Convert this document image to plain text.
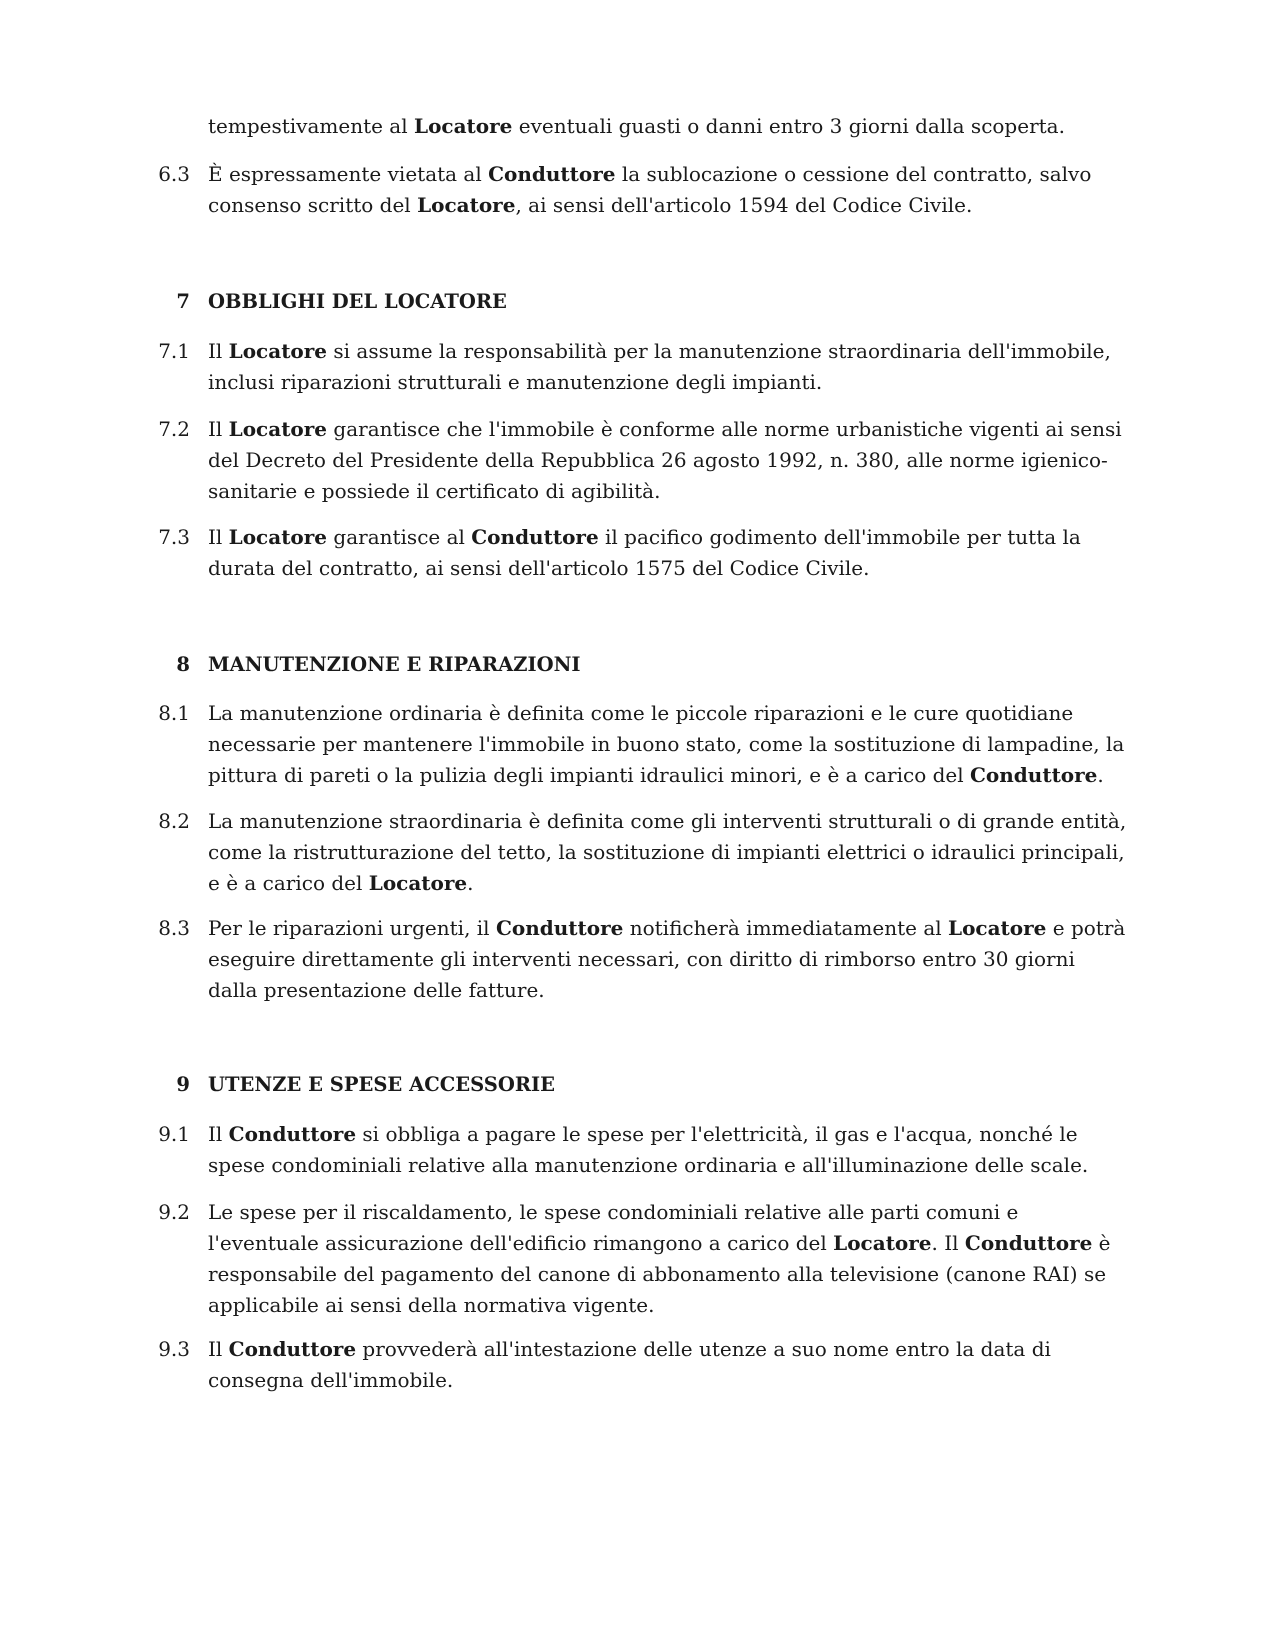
tempestivamente al Locatore eventuali guasti o danni entro 3 giorni dalla scoperta.
6.3 È espressamente vietata al Conduttore la sublocazione o cessione del contratto, salvo consenso scritto del Locatore, ai sensi dell'articolo 1594 del Codice Civile.
7 OBBLIGHI DEL LOCATORE
7.1 Il Locatore si assume la responsabilità per la manutenzione straordinaria dell'immobile, inclusi riparazioni strutturali e manutenzione degli impianti.
7.2 Il Locatore garantisce che l'immobile è conforme alle norme urbanistiche vigenti ai sensi del Decreto del Presidente della Repubblica 26 agosto 1992, n. 380, alle norme igienico-sanitarie e possiede il certificato di agibilità.
7.3 Il Locatore garantisce al Conduttore il pacifico godimento dell'immobile per tutta la durata del contratto, ai sensi dell'articolo 1575 del Codice Civile.
8 MANUTENZIONE E RIPARAZIONI
8.1 La manutenzione ordinaria è definita come le piccole riparazioni e le cure quotidiane necessarie per mantenere l'immobile in buono stato, come la sostituzione di lampadine, la pittura di pareti o la pulizia degli impianti idraulici minori, e è a carico del Conduttore.
8.2 La manutenzione straordinaria è definita come gli interventi strutturali o di grande entità, come la ristrutturazione del tetto, la sostituzione di impianti elettrici o idraulici principali, e è a carico del Locatore.
8.3 Per le riparazioni urgenti, il Conduttore notificherà immediatamente al Locatore e potrà eseguire direttamente gli interventi necessari, con diritto di rimborso entro 30 giorni dalla presentazione delle fatture.
9 UTENZE E SPESE ACCESSORIE
9.1 Il Conduttore si obbliga a pagare le spese per l'elettricità, il gas e l'acqua, nonché le spese condominiali relative alla manutenzione ordinaria e all'illuminazione delle scale.
9.2 Le spese per il riscaldamento, le spese condominiali relative alle parti comuni e l'eventuale assicurazione dell'edificio rimangono a carico del Locatore. Il Conduttore è responsabile del pagamento del canone di abbonamento alla televisione (canone RAI) se applicabile ai sensi della normativa vigente.
9.3 Il Conduttore provvederà all'intestazione delle utenze a suo nome entro la data di consegna dell'immobile.
